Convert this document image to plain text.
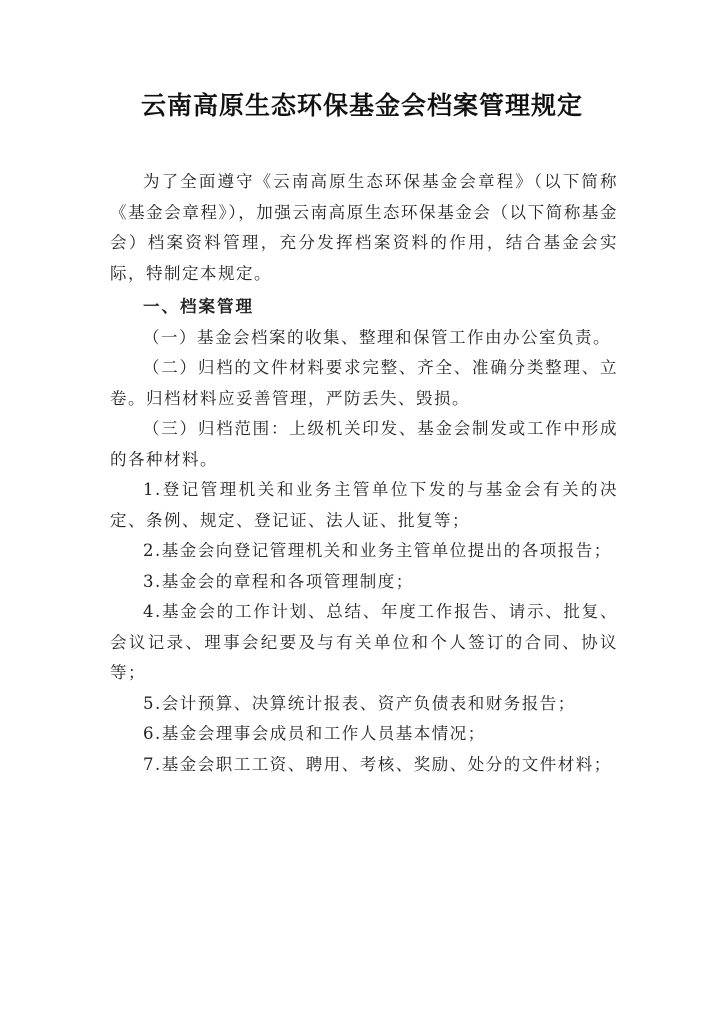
云南高原生态环保基金会档案管理规定

为了全面遵守《云南高原生态环保基金会章程》（以下简称《基金会章程》），加强云南高原生态环保基金会（以下简称基金会）档案资料管理，充分发挥档案资料的作用，结合基金会实际，特制定本规定。

一、档案管理

（一）基金会档案的收集、整理和保管工作由办公室负责。

（二）归档的文件材料要求完整、齐全、准确分类整理、立卷。归档材料应妥善管理，严防丢失、毁损。

（三）归档范围：上级机关印发、基金会制发或工作中形成的各种材料。

1.登记管理机关和业务主管单位下发的与基金会有关的决定、条例、规定、登记证、法人证、批复等；

2.基金会向登记管理机关和业务主管单位提出的各项报告；

3.基金会的章程和各项管理制度；

4.基金会的工作计划、总结、年度工作报告、请示、批复、会议记录、理事会纪要及与有关单位和个人签订的合同、协议等；

5.会计预算、决算统计报表、资产负债表和财务报告；

6.基金会理事会成员和工作人员基本情况；

7.基金会职工工资、聘用、考核、奖励、处分的文件材料；
